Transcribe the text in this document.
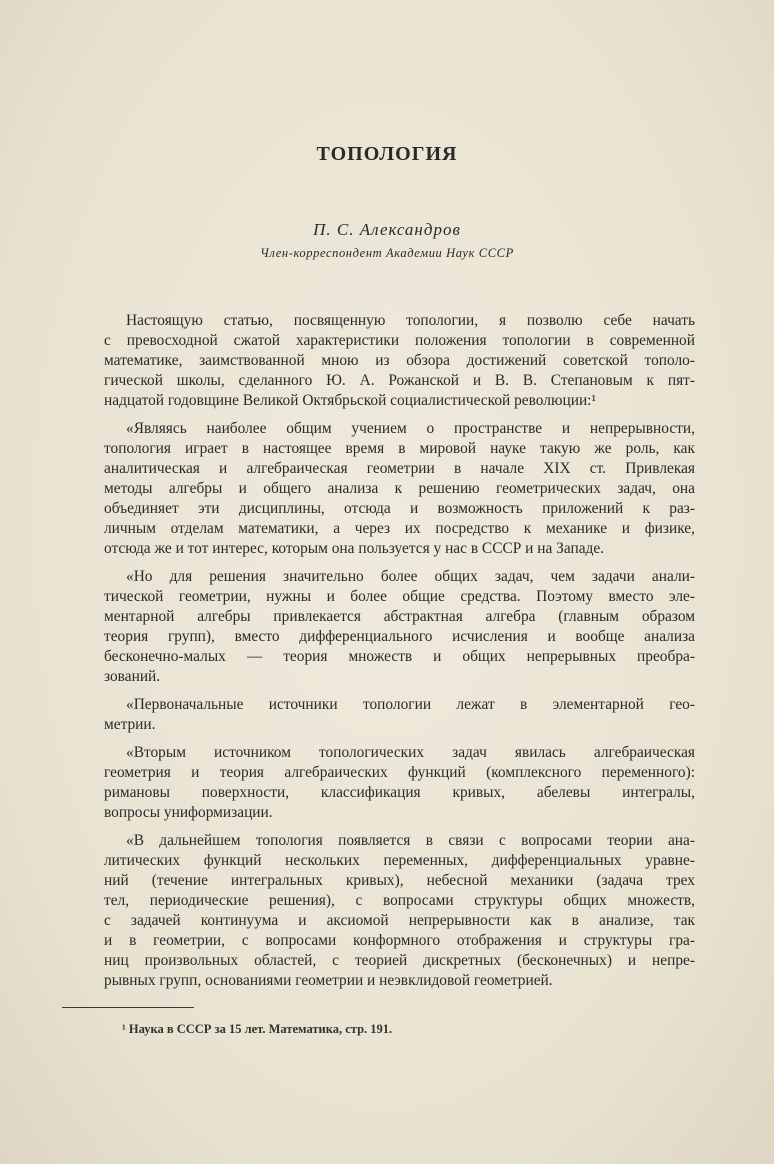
ТОПОЛОГИЯ
П. С. Александров
Член-корреспондент Академии Наук СССР
Настоящую статью, посвященную топологии, я позволю себе начать
с превосходной сжатой характеристики положения топологии в современной
математике, заимствованной мною из обзора достижений советской тополо-
гической школы, сделанного Ю. А. Рожанской и В. В. Степановым к пят-
надцатой годовщине Великой Октябрьской социалистической революции:¹
«Являясь наиболее общим учением о пространстве и непрерывности,
топология играет в настоящее время в мировой науке такую же роль, как
аналитическая и алгебраическая геометрии в начале XIX ст. Привлекая
методы алгебры и общего анализа к решению геометрических задач, она
объединяет эти дисциплины, отсюда и возможность приложений к раз-
личным отделам математики, а через их посредство к механике и физике,
отсюда же и тот интерес, которым она пользуется у нас в СССР и на Западе.
«Но для решения значительно более общих задач, чем задачи анали-
тической геометрии, нужны и более общие средства. Поэтому вместо эле-
ментарной алгебры привлекается абстрактная алгебра (главным образом
теория групп), вместо дифференциального исчисления и вообще анализа
бесконечно-малых — теория множеств и общих непрерывных преобра-
зований.
«Первоначальные источники топологии лежат в элементарной гео-
метрии.
«Вторым источником топологических задач явилась алгебраическая
геометрия и теория алгебраических функций (комплексного переменного):
римановы поверхности, классификация кривых, абелевы интегралы,
вопросы униформизации.
«В дальнейшем топология появляется в связи с вопросами теории ана-
литических функций нескольких переменных, дифференциальных уравне-
ний (течение интегральных кривых), небесной механики (задача трех
тел, периодические решения), с вопросами структуры общих множеств,
с задачей континуума и аксиомой непрерывности как в анализе, так
и в геометрии, с вопросами конформного отображения и структуры гра-
ниц произвольных областей, с теорией дискретных (бесконечных) и непре-
рывных групп, основаниями геометрии и неэвклидовой геометрией.
¹ Наука в СССР за 15 лет. Математика, стр. 191.
